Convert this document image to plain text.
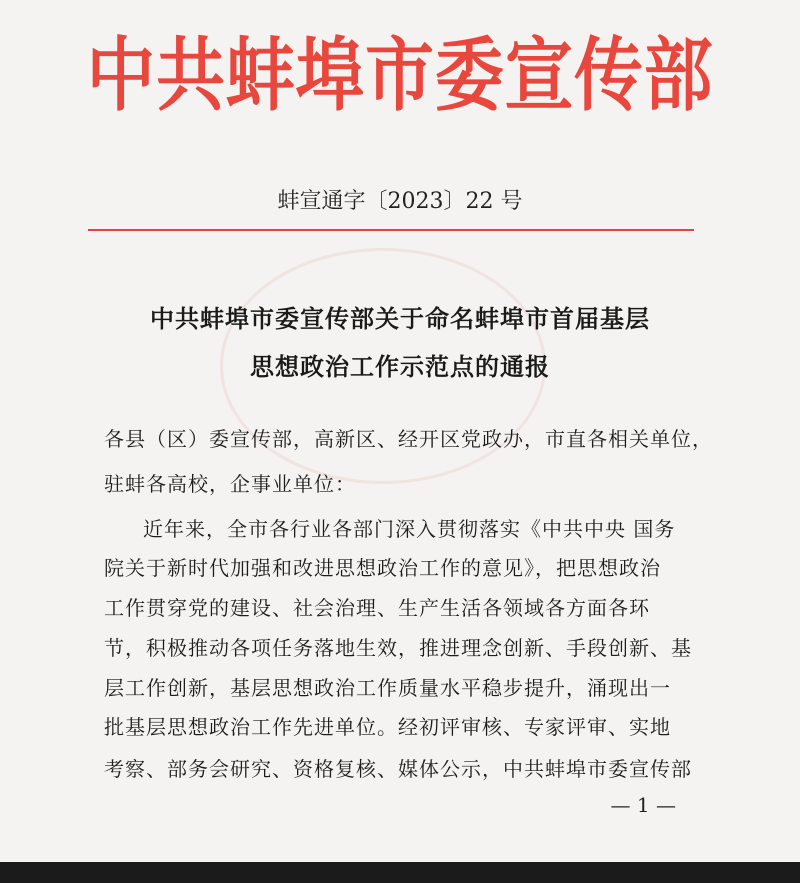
中共蚌埠市委宣传部
蚌宣通字〔2023〕22 号
中共蚌埠市委宣传部关于命名蚌埠市首届基层
思想政治工作示范点的通报
各县（区）委宣传部，高新区、经开区党政办，市直各相关单位，
驻蚌各高校，企事业单位：
近年来，全市各行业各部门深入贯彻落实《中共中央 国务
院关于新时代加强和改进思想政治工作的意见》，把思想政治
工作贯穿党的建设、社会治理、生产生活各领域各方面各环
节，积极推动各项任务落地生效，推进理念创新、手段创新、基
层工作创新，基层思想政治工作质量水平稳步提升，涌现出一
批基层思想政治工作先进单位。经初评审核、专家评审、实地
— 1 —
考察、部务会研究、资格复核、媒体公示，中共蚌埠市委宣传部
